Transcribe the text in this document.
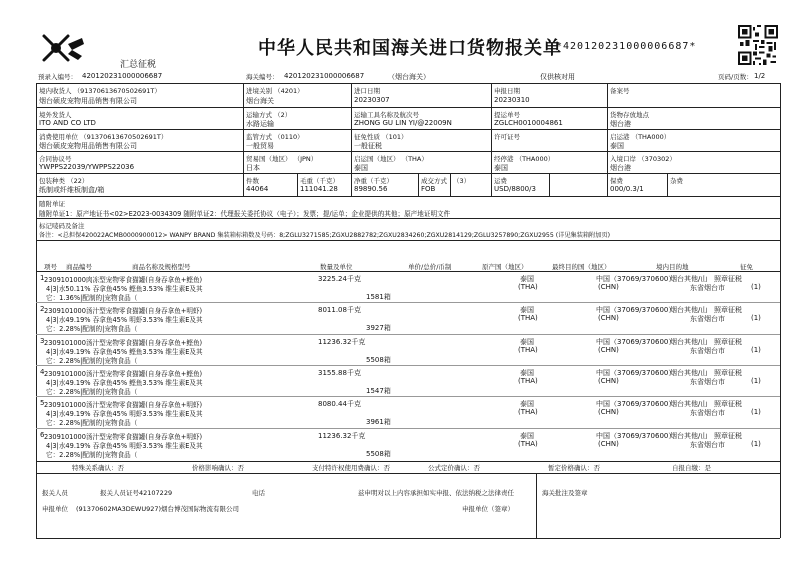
中华人民共和国海关进口货物报关单
*420120231000006687*
汇总征税
预录入编号： 420120231000006687	海关编号： 420120231000006687	（烟台海关）	仅供核对用	页码/页数： 1/2
境内收货人 （91370613670502691T）
烟台硕皮宠物用品销售有限公司
进境关别 （4201）
烟台海关
进口日期
20230307
申报日期
20230310
备案号
境外发货人
ITO AND CO LTD
运输方式 （2）
水路运输
运输工具名称及航次号
ZHONG GU LIN YI/@22009N
提运单号
ZGLCH0010004861
货物存放地点
烟台港
消费使用单位 （91370613670502691T）
烟台硕皮宠物用品销售有限公司
监管方式 （0110）
一般贸易
征免性质 （101）
一般征税
许可证号	启运港 （THA000）
泰国
合同协议号
YWPPS22039/YWPPS22036
贸易国（地区） （JPN）
日本
启运国（地区） （THA）
泰国
经停港 （THA000）
泰国
入境口岸 （370302）
烟台港
包装种类 （22）
纸制或纤维板制盒/箱
件数
44064
毛重（千克）
111041.28
净重（千克）
89890.56
成交方式 （3）
FOB
运费
USD/8800/3
保费
000/0.3/1
杂费
随附单证
随附单证1：原产地证书<02>E2023-0034309 随附单证2：代理报关委托协议（电子）；发票；提/运单；企业提供的其他；原产地证明文件
标记唛码及备注
备注：<总担保420022ACMB0000900012> WANPY BRAND 集装箱标箱数及号码：8;ZGLU3271585;ZGXU2882782;ZGXU2834260;ZGXU2814129;ZGLU3257890;ZGXU2955 (详见集装箱附加页)
项号 商品编号	商品名称及规格型号	数量及单位	单价/总价/币制	原产国（地区）	最终目的国（地区）	境内目的地	征免
1 2309101000肉冻型宠物零食猫罐(自身吞拿鱼+鲣鱼)
4|3|水50.11% 吞拿鱼45% 鲣鱼3.53% 维生素E及其
它：1.36%|配制的|宠物食品（
3225.24千克
1581箱
泰国
(THA)
中国（37069/370600）
(CHN)
烟台其他/山
东省烟台市
照章征税
(1)
2 2309101000汤汁型宠物零食猫罐(自身吞拿鱼+明虾)
4|3|水49.19% 吞拿鱼45% 明虾3.53% 维生素E及其
它：2.28%|配制的|宠物食品（
8011.08千克
3927箱
泰国
(THA)
中国（37069/370600）
(CHN)
烟台其他/山
东省烟台市
照章征税
(1)
3 2309101000汤汁型宠物零食猫罐(自身吞拿鱼+鲣鱼)
4|3|水49.19% 吞拿鱼45% 鲣鱼3.53% 维生素E及其
它：2.28%|配制的|宠物食品（
11236.32千克
5508箱
泰国
(THA)
中国（37069/370600）
(CHN)
烟台其他/山
东省烟台市
照章征税
(1)
4 2309101000汤汁型宠物零食猫罐(自身吞拿鱼+鲣鱼)
4|3|水49.19% 吞拿鱼45% 鲣鱼3.53% 维生素E及其
它：2.28%|配制的|宠物食品（
3155.88千克
1547箱
泰国
(THA)
中国（37069/370600）
(CHN)
烟台其他/山
东省烟台市
照章征税
(1)
5 2309101000汤汁型宠物零食猫罐(自身吞拿鱼+明虾)
4|3|水49.19% 吞拿鱼45% 明虾3.53% 维生素E及其
它：2.28%|配制的|宠物食品（
8080.44千克
3961箱
泰国
(THA)
中国（37069/370600）
(CHN)
烟台其他/山
东省烟台市
照章征税
(1)
6 2309101000汤汁型宠物零食猫罐(自身吞拿鱼+明虾)
4|3|水49.19% 吞拿鱼45% 明虾3.53% 维生素E及其
它：2.28%|配制的|宠物食品（
11236.32千克
5508箱
泰国
(THA)
中国（37069/370600）
(CHN)
烟台其他/山
东省烟台市
照章征税
(1)
特殊关系确认：否	价格影响确认：否	支付特许权使用费确认：否	公式定价确认：否	暂定价格确认：否	自报自缴：是
报关人员	报关人员证号42107229	电话	兹申明对以上内容承担如实申报、依法纳税之法律责任
申报单位 (91370602MA3DEWU927)烟台博茂国际物流有限公司	申报单位（签章）
海关批注及签章
